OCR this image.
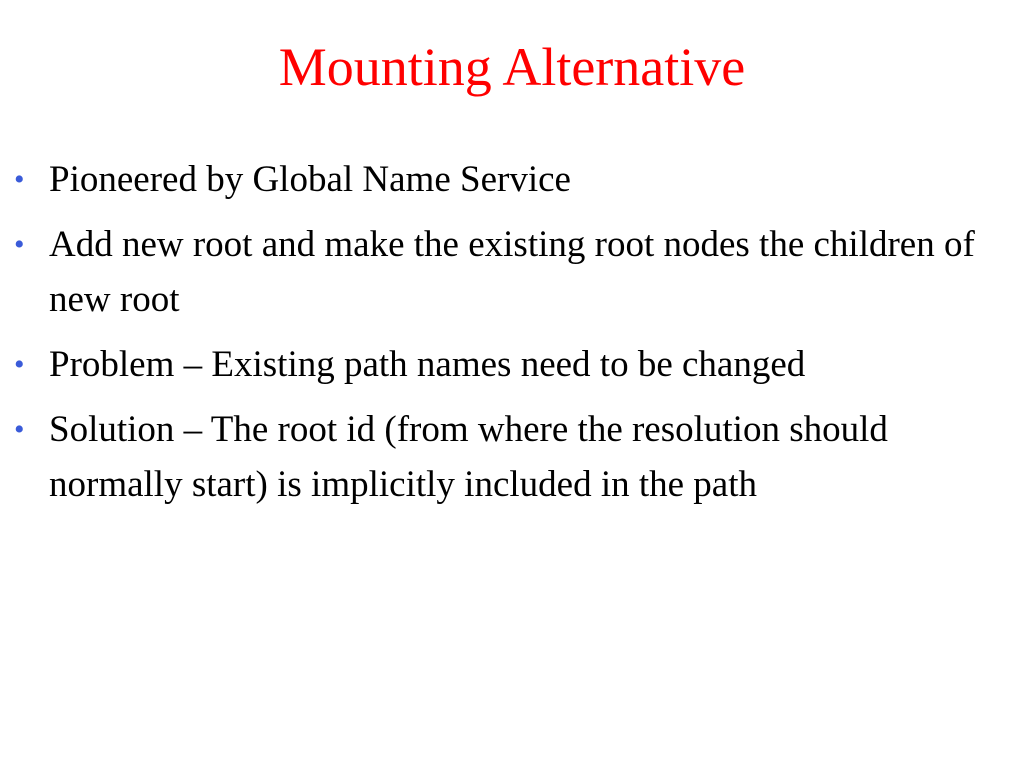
Mounting Alternative
• Pioneered by Global Name Service
• Add new root and make the existing root nodes the children of new root
• Problem – Existing path names need to be changed
• Solution – The root id (from where the resolution should normally start) is implicitly included in the path
